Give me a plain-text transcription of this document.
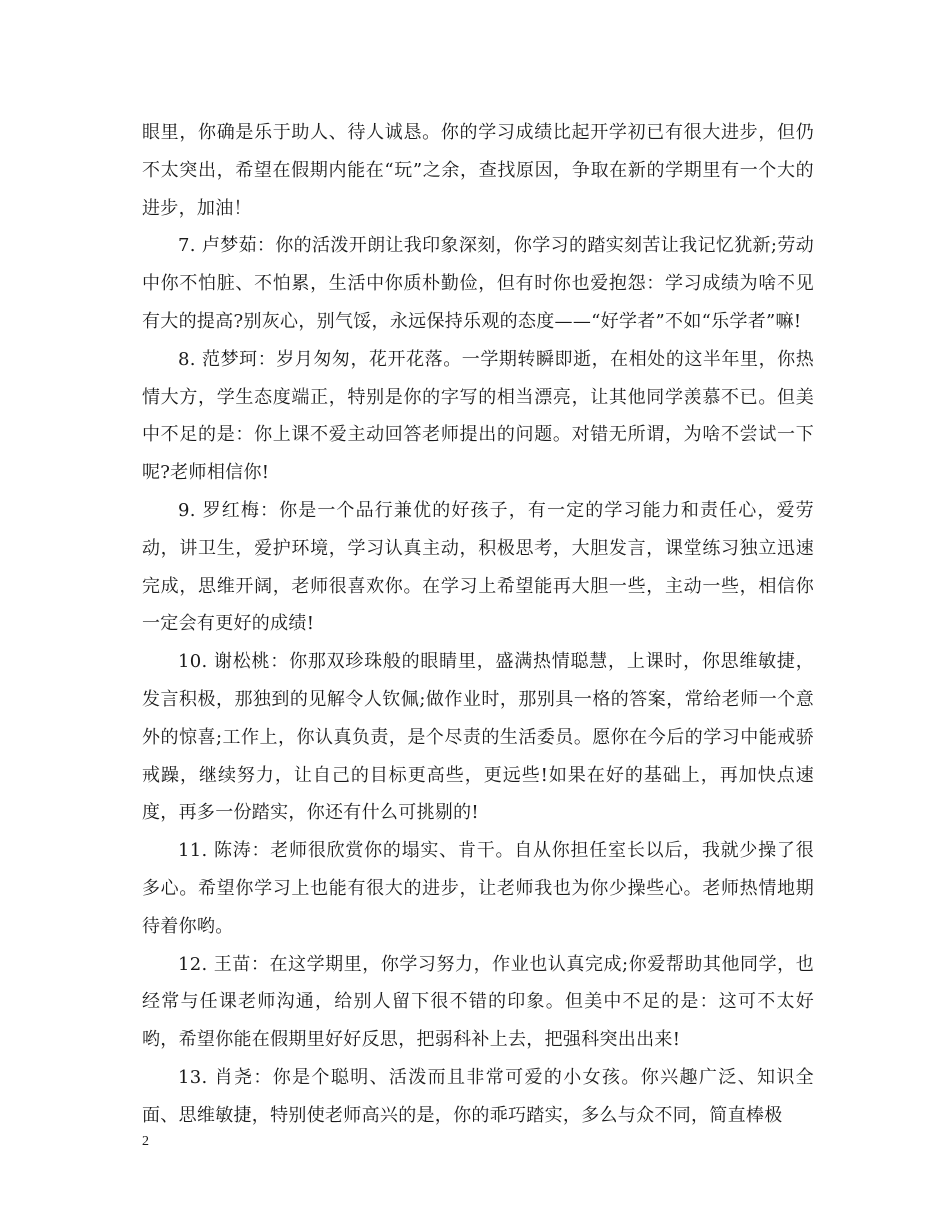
眼里，你确是乐于助人、待人诚恳。你的学习成绩比起开学初已有很大进步，但仍不太突出，希望在假期内能在“玩”之余，查找原因，争取在新的学期里有一个大的进步，加油！

7. 卢梦茹：你的活泼开朗让我印象深刻，你学习的踏实刻苦让我记忆犹新;劳动中你不怕脏、不怕累，生活中你质朴勤俭，但有时你也爱抱怨：学习成绩为啥不见有大的提高?别灰心，别气馁，永远保持乐观的态度——“好学者”不如“乐学者”嘛!

8. 范梦珂：岁月匆匆，花开花落。一学期转瞬即逝，在相处的这半年里，你热情大方，学生态度端正，特别是你的字写的相当漂亮，让其他同学羡慕不已。但美中不足的是：你上课不爱主动回答老师提出的问题。对错无所谓，为啥不尝试一下呢?老师相信你!

9. 罗红梅：你是一个品行兼优的好孩子，有一定的学习能力和责任心，爱劳动，讲卫生，爱护环境，学习认真主动，积极思考，大胆发言，课堂练习独立迅速完成，思维开阔，老师很喜欢你。在学习上希望能再大胆一些，主动一些，相信你一定会有更好的成绩!

10. 谢松桃：你那双珍珠般的眼睛里，盛满热情聪慧，上课时，你思维敏捷，发言积极，那独到的见解令人钦佩;做作业时，那别具一格的答案，常给老师一个意外的惊喜;工作上，你认真负责，是个尽责的生活委员。愿你在今后的学习中能戒骄戒躁，继续努力，让自己的目标更高些，更远些!如果在好的基础上，再加快点速度，再多一份踏实，你还有什么可挑剔的!

11. 陈涛：老师很欣赏你的塌实、肯干。自从你担任室长以后，我就少操了很多心。希望你学习上也能有很大的进步，让老师我也为你少操些心。老师热情地期待着你哟。

12. 王苗：在这学期里，你学习努力，作业也认真完成;你爱帮助其他同学，也经常与任课老师沟通，给别人留下很不错的印象。但美中不足的是：这可不太好哟，希望你能在假期里好好反思，把弱科补上去，把强科突出出来!

13. 肖尧：你是个聪明、活泼而且非常可爱的小女孩。你兴趣广泛、知识全面、思维敏捷，特别使老师高兴的是，你的乖巧踏实，多么与众不同，简直棒极

2
